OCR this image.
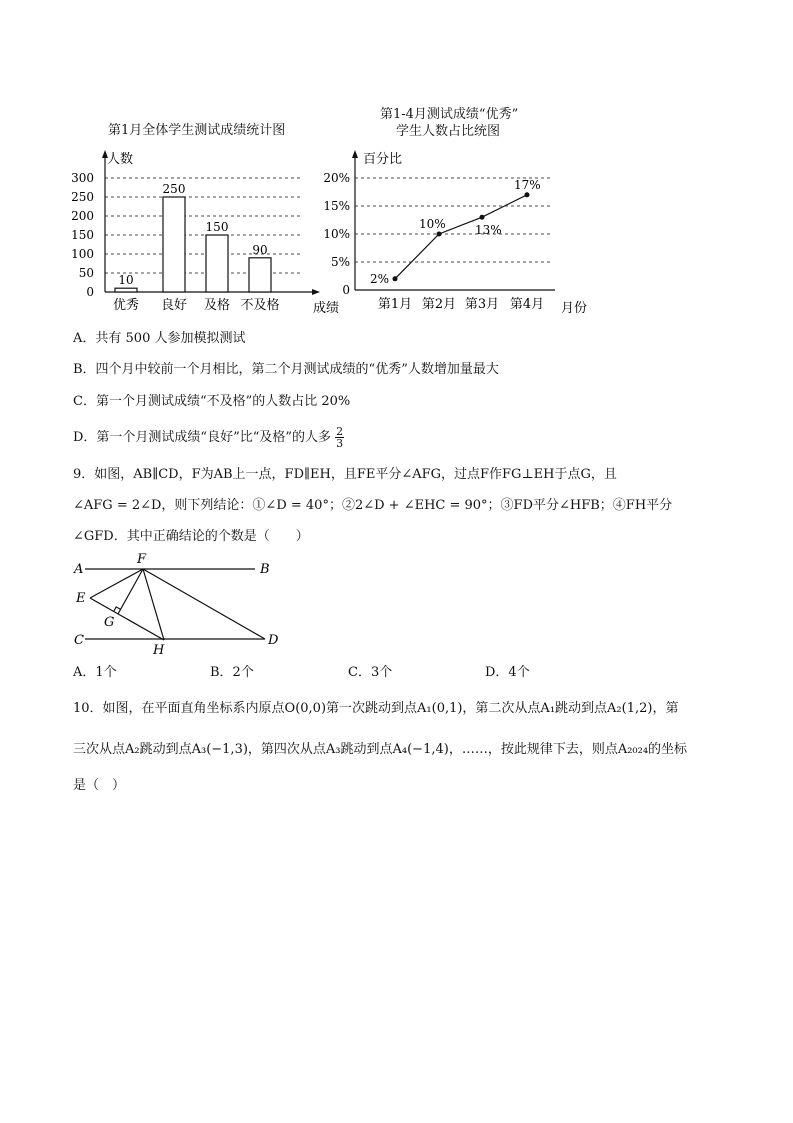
第1月全体学生测试成绩统计图
人数
成绩
0
50
100
150
200
250
300
10
优秀
250
良好
150
及格
90
不及格
第1-4月测试成绩“优秀”
学生人数占比统图
百分比
月份
0
5%
10%
15%
20%
2%
第1月
10%
第2月
13%
第3月
17%
第4月
A．共有 500 人参加模拟测试
B．四个月中较前一个月相比，第二个月测试成绩的“优秀”人数增加量最大
C．第一个月测试成绩“不及格”的人数占比 20%
D．第一个月测试成绩“良好”比“及格”的人多 $\frac{2}{3}$
9．如图，AB∥CD，F为AB上一点，FD∥EH，且FE平分∠AFG，过点F作FG⊥EH于点G，且
∠AFG = 2∠D，则下列结论：①∠D = 40°；②2∠D + ∠EHC = 90°；③FD平分∠HFB；④FH平分
∠GFD．其中正确结论的个数是（　　）
A	B
F
E
G
C
H
D
A．1个	B．2个	C．3个	D．4个
10．如图，在平面直角坐标系内原点O(0,0)第一次跳动到点A₁(0,1)，第二次从点A₁跳动到点A₂(1,2)，第
三次从点A₂跳动到点A₃(−1,3)，第四次从点A₃跳动到点A₄(−1,4)，……，按此规律下去，则点A₂₀₂₄的坐标
是（　）
